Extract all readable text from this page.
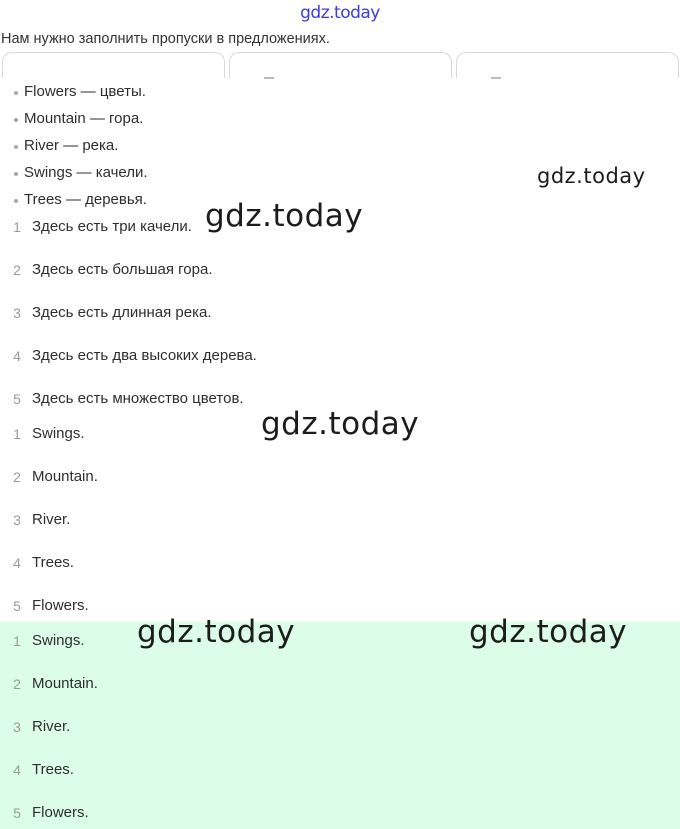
gdz.today
Нам нужно заполнить пропуски в предложениях.
Flowers — цветы.
Mountain — гора.
River — река.
Swings — качели.
Trees — деревья.
1 Здесь есть три качели.
2 Здесь есть большая гора.
3 Здесь есть длинная река.
4 Здесь есть два высоких дерева.
5 Здесь есть множество цветов.
1 Swings.
2 Mountain.
3 River.
4 Trees.
5 Flowers.
1 Swings.
2 Mountain.
3 River.
4 Trees.
5 Flowers.
gdz.today
gdz.today
gdz.today
gdz.today	gdz.today
